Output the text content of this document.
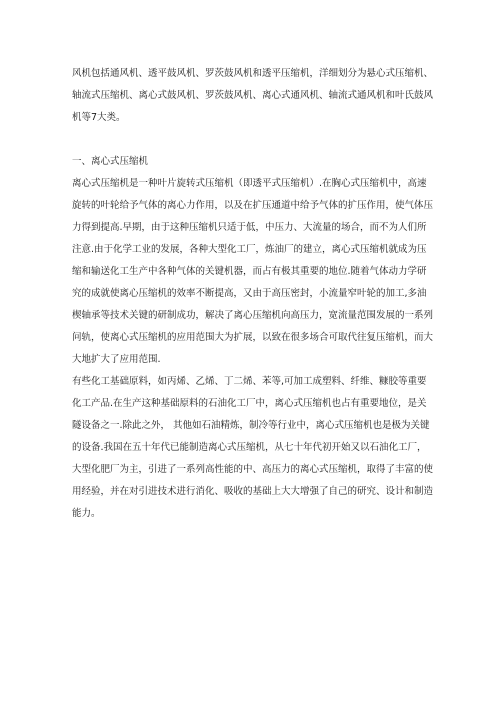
风机包括通风机、透平鼓风机、罗茨鼓风机和透平压缩机，洋细划分为悬心式压缩机、
轴流式压缩机、离心式鼓风机、罗茨鼓风机、离心式通风机、轴流式通风机和叶氏鼓风
机等7大类。
一、离心式压缩机
离心式压缩机是一种叶片旋转式压缩机（即透平式压缩机）.在胸心式压缩机中，高速
旋转的叶轮给予气体的离心力作用，以及在扩压通道中给予气体的扩压作用，使气体压
力得到提高.早期，由于这种压缩机只适于低，中压力、大流量的场合，而不为人们所
注意.由于化学工业的发展，各种大型化工厂，炼油厂的建立，离心式压缩机就成为压
缩和输送化工生产中各种气体的关键机器，而占有极其重要的地位.随着气体动力学研
究的成就使离心压缩机的效率不断提高，又由于高压密封，小流量窄叶轮的加工,多油
楔轴承等技术关键的研制成功，解决了离心压缩机向高压力，宽流量范围发展的一系列
问轨，使离心式压缩机的应用范围大为扩展，以致在很多场合可取代往复压缩机，而大
大地扩大了应用范围.
有些化工基础原料，如丙烯、乙烯、丁二烯、苯等,可加工成塑料、纤维、糠胶等重要
化工产品.在生产这种基础原料的石油化工厂中，离心式压缩机也占有重要地位，是关
隧设备之一.除此之外， 其他如石油精炼，制冷等行业中，离心式压缩机也是极为关键
的设备.我国在五十年代已能制造离心式压缩机，从七十年代初开始又以石油化工厂，
大型化肥厂为主，引进了一系列高性能的中、高压力的离心式压缩机，取得了丰富的使
用经验，并在对引进技术进行消化、吸收的基础上大大增强了自己的研究、设计和制造
能力。
